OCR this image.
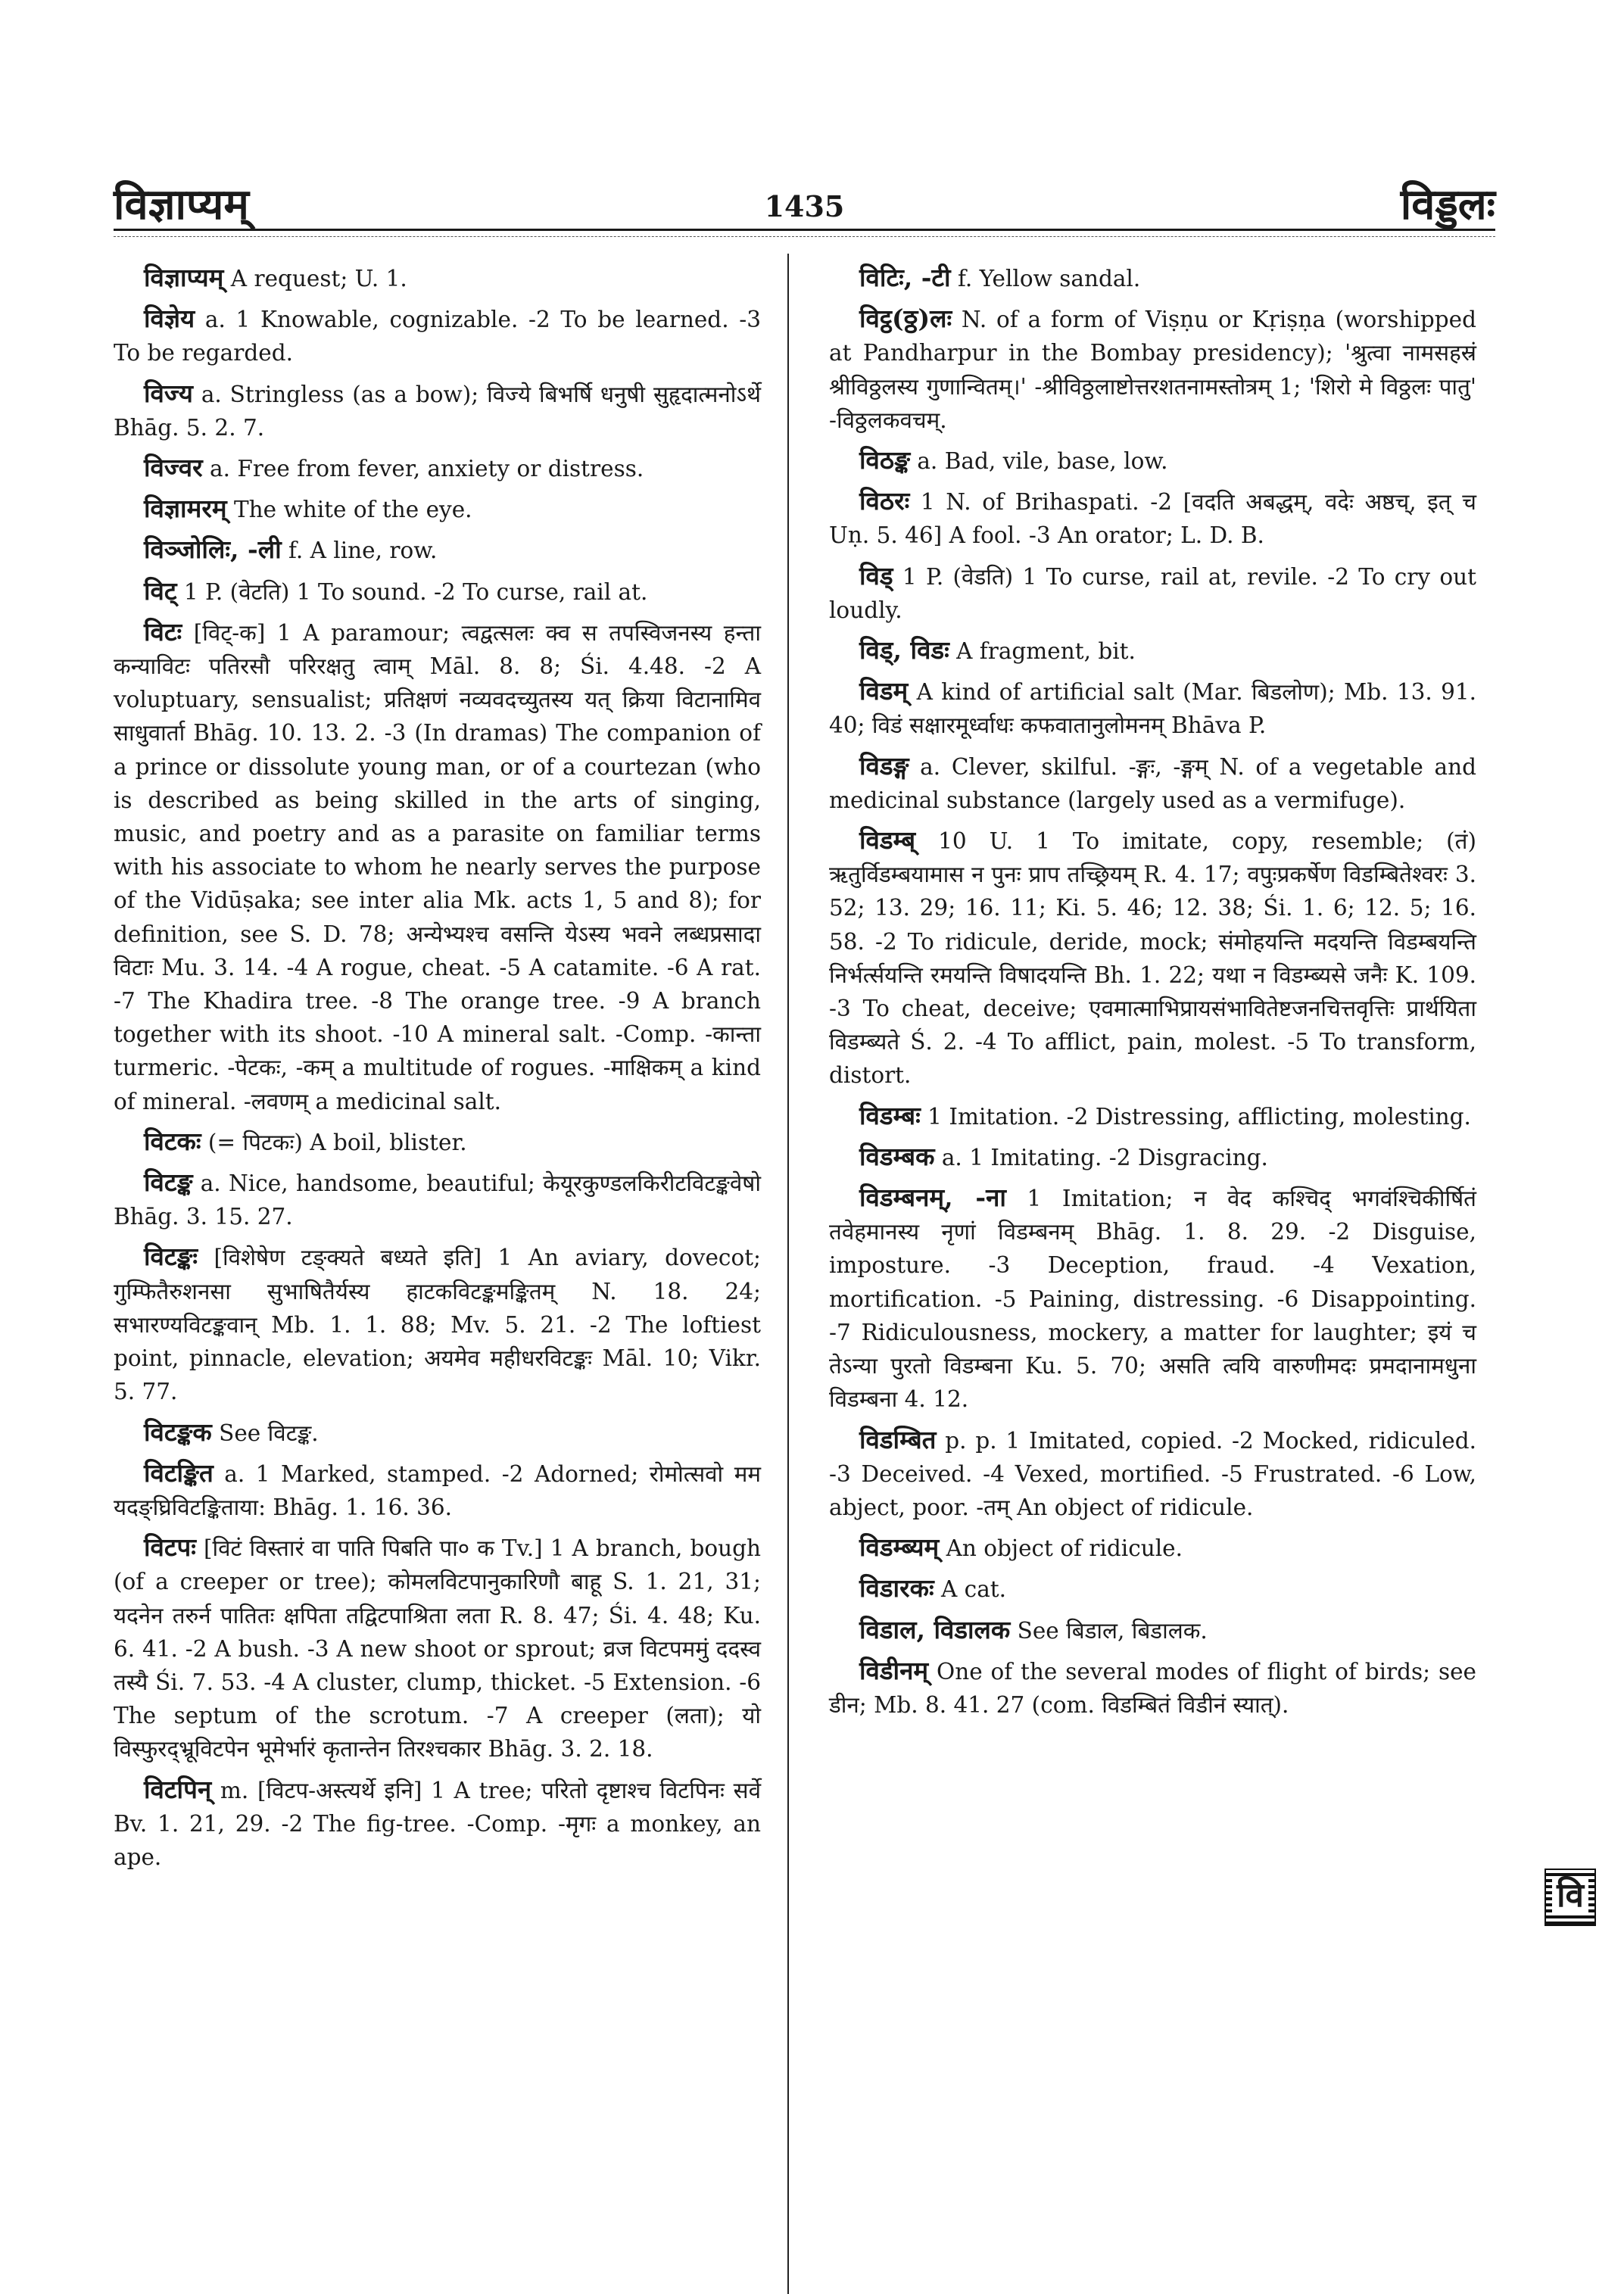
विज्ञाप्यम्	1435	विड्डलः
विज्ञाप्यम् A request; U. 1.
विज्ञेय a. 1 Knowable, cognizable. -2 To be learned. -3 To be regarded.
विज्य a. Stringless (as a bow); विज्ये बिभर्षि धनुषी सुहृदात्मनोऽर्थे Bhāg. 5. 2. 7.
विज्वर a. Free from fever, anxiety or distress.
विज्ञामरम् The white of the eye.
विञ्जोलिः, -ली f. A line, row.
विट् 1 P. (वेटति) 1 To sound. -2 To curse, rail at.
विटः [विट्-क] 1 A paramour; त्वद्वत्सलः क्व स तपस्विजनस्य हन्ता कन्याविटः पतिरसौ परिरक्षतु त्वाम् Māl. 8. 8; Śi. 4.48. -2 A voluptuary, sensualist; प्रतिक्षणं नव्यवदच्युतस्य यत् क्रिया विटानामिव साधुवार्ता Bhāg. 10. 13. 2. -3 (In dramas) The companion of a prince or dissolute young man, or of a courtezan (who is described as being skilled in the arts of singing, music, and poetry and as a parasite on familiar terms with his associate to whom he nearly serves the purpose of the Vidūṣaka; see inter alia Mk. acts 1, 5 and 8); for definition, see S. D. 78; अन्येभ्यश्च वसन्ति येऽस्य भवने लब्धप्रसादा विटाः Mu. 3. 14. -4 A rogue, cheat. -5 A catamite. -6 A rat. -7 The Khadira tree. -8 The orange tree. -9 A branch together with its shoot. -10 A mineral salt. -Comp. -कान्ता turmeric. -पेटकः, -कम् a multitude of rogues. -माक्षिकम् a kind of mineral. -लवणम् a medicinal salt.
विटकः (= पिटकः) A boil, blister.
विटङ्क a. Nice, handsome, beautiful; केयूरकुण्डलकिरीटविटङ्कवेषो Bhāg. 3. 15. 27.
विटङ्कः [विशेषेण टङ्क्यते बध्यते इति] 1 An aviary, dovecot; गुम्फितैरुशनसा सुभाषितैर्यस्य हाटकविटङ्कमङ्कितम् N. 18. 24; सभारण्यविटङ्कवान् Mb. 1. 1. 88; Mv. 5. 21. -2 The loftiest point, pinnacle, elevation; अयमेव महीधरविटङ्कः Māl. 10; Vikr. 5. 77.
विटङ्कक See विटङ्क.
विटङ्कित a. 1 Marked, stamped. -2 Adorned; रोमोत्सवो मम यदङ्घ्रिविटङ्किताया: Bhāg. 1. 16. 36.
विटपः [विटं विस्तारं वा पाति पिबति पा० क Tv.] 1 A branch, bough (of a creeper or tree); कोमलविटपानुकारिणौ बाहू S. 1. 21, 31; यदनेन तरुर्न पातितः क्षपिता तद्विटपाश्रिता लता R. 8. 47; Śi. 4. 48; Ku. 6. 41. -2 A bush. -3 A new shoot or sprout; व्रज विटपममुं ददस्व तस्यै Śi. 7. 53. -4 A cluster, clump, thicket. -5 Extension. -6 The septum of the scrotum. -7 A creeper (लता); यो विस्फुरद्भ्रूविटपेन भूमेर्भारं कृतान्तेन तिरश्चकार Bhāg. 3. 2. 18.
विटपिन् m. [विटप-अस्त्यर्थे इनि] 1 A tree; परितो दृष्टाश्च विटपिनः सर्वे Bv. 1. 21, 29. -2 The fig-tree. -Comp. -मृगः a monkey, an ape.
विटिः, -टी f. Yellow sandal.
विट्ठ(ठ्ठ)लः N. of a form of Viṣṇu or Kṛiṣṇa (worshipped at Pandharpur in the Bombay presidency); 'श्रुत्वा नामसहस्रं श्रीविठ्ठलस्य गुणान्वितम्।' -श्रीविठ्ठलाष्टोत्तरशतनामस्तोत्रम् 1; 'शिरो मे विठ्ठलः पातु' -विठ्ठलकवचम्.
विठङ्क a. Bad, vile, base, low.
विठरः 1 N. of Brihaspati. -2 [वदति अबद्धम्, वदेः अष्ठच्, इत् च Uṇ. 5. 46] A fool. -3 An orator; L. D. B.
विड् 1 P. (वेडति) 1 To curse, rail at, revile. -2 To cry out loudly.
विड्, विडः A fragment, bit.
विडम् A kind of artificial salt (Mar. बिडलोण); Mb. 13. 91. 40; विडं सक्षारमूर्ध्वाधः कफवातानुलोमनम् Bhāva P.
विडङ्ग a. Clever, skilful. -ङ्गः, -ङ्गम् N. of a vegetable and medicinal substance (largely used as a vermifuge).
विडम्ब् 10 U. 1 To imitate, copy, resemble; (तं) ऋतुर्विडम्बयामास न पुनः प्राप तच्छ्रियम् R. 4. 17; वपुःप्रकर्षेण विडम्बितेश्वरः 3. 52; 13. 29; 16. 11; Ki. 5. 46; 12. 38; Śi. 1. 6; 12. 5; 16. 58. -2 To ridicule, deride, mock; संमोहयन्ति मदयन्ति विडम्बयन्ति निर्भर्त्सयन्ति रमयन्ति विषादयन्ति Bh. 1. 22; यथा न विडम्ब्यसे जनैः K. 109. -3 To cheat, deceive; एवमात्माभिप्रायसंभावितेष्टजनचित्तवृत्तिः प्रार्थयिता विडम्ब्यते Ś. 2. -4 To afflict, pain, molest. -5 To transform, distort.
विडम्बः 1 Imitation. -2 Distressing, afflicting, molesting.
विडम्बक a. 1 Imitating. -2 Disgracing.
विडम्बनम्, -ना 1 Imitation; न वेद कश्चिद् भगवंश्चिकीर्षितं तवेहमानस्य नृणां विडम्बनम् Bhāg. 1. 8. 29. -2 Disguise, imposture. -3 Deception, fraud. -4 Vexation, mortification. -5 Paining, distressing. -6 Disappointing. -7 Ridiculousness, mockery, a matter for laughter; इयं च तेऽन्या पुरतो विडम्बना Ku. 5. 70; असति त्वयि वारुणीमदः प्रमदानामधुना विडम्बना 4. 12.
विडम्बित p. p. 1 Imitated, copied. -2 Mocked, ridiculed. -3 Deceived. -4 Vexed, mortified. -5 Frustrated. -6 Low, abject, poor. -तम् An object of ridicule.
विडम्ब्यम् An object of ridicule.
विडारकः A cat.
विडाल, विडालक See बिडाल, बिडालक.
विडीनम् One of the several modes of flight of birds; see डीन; Mb. 8. 41. 27 (com. विडम्बितं विडीनं स्यात्).
वि
